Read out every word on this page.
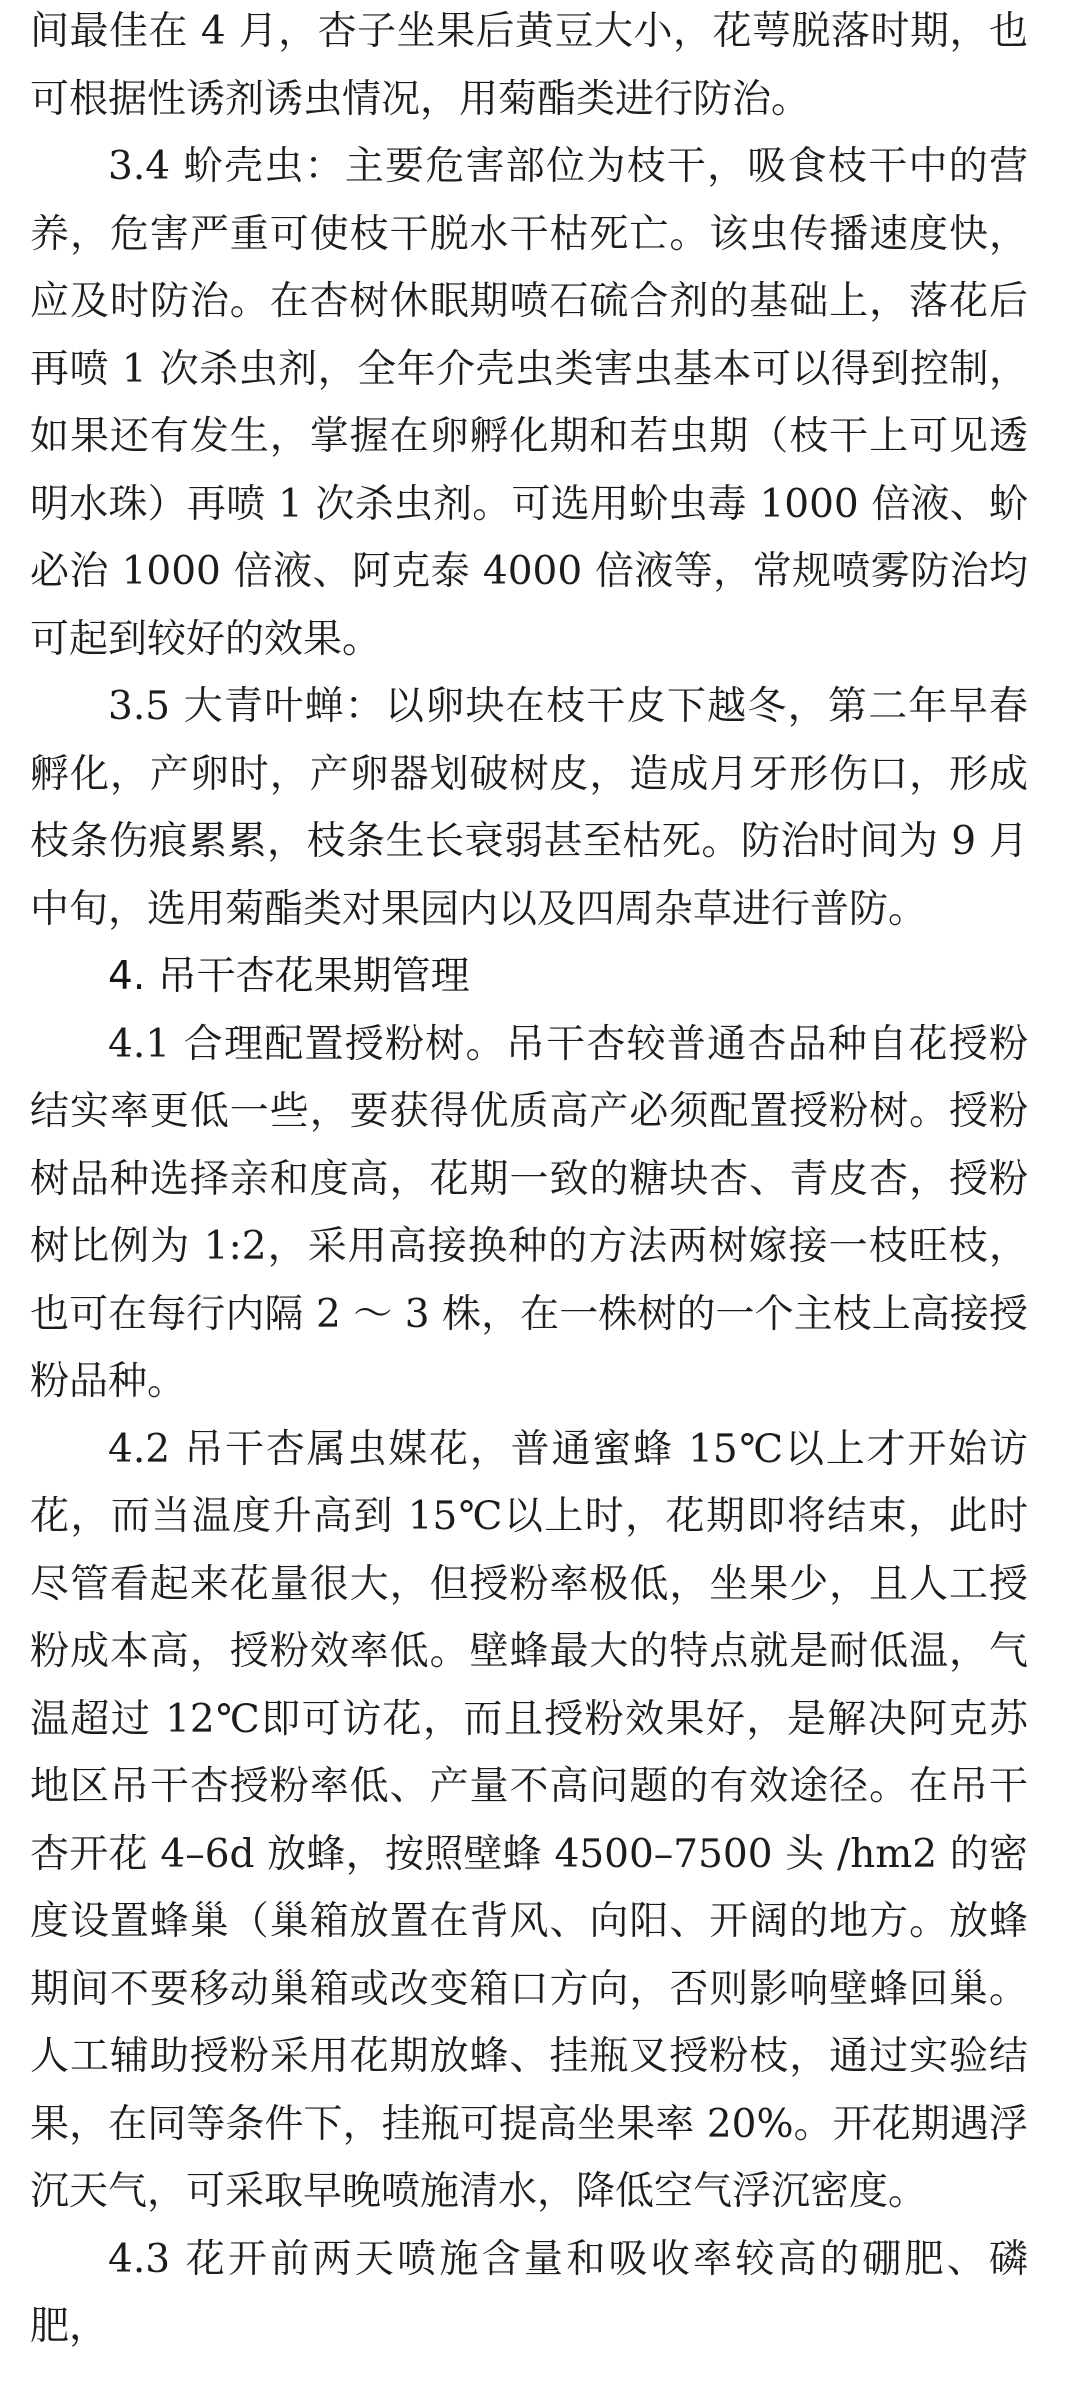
间最佳在 4 月，杏子坐果后黄豆大小，花萼脱落时期，也可根据性诱剂诱虫情况，用菊酯类进行防治。

3.4 蚧壳虫：主要危害部位为枝干，吸食枝干中的营养，危害严重可使枝干脱水干枯死亡。该虫传播速度快，应及时防治。在杏树休眠期喷石硫合剂的基础上，落花后再喷 1 次杀虫剂，全年介壳虫类害虫基本可以得到控制，如果还有发生，掌握在卵孵化期和若虫期（枝干上可见透明水珠）再喷 1 次杀虫剂。可选用蚧虫毒 1000 倍液、蚧必治 1000 倍液、阿克泰 4000 倍液等，常规喷雾防治均可起到较好的效果。

3.5 大青叶蝉：以卵块在枝干皮下越冬，第二年早春孵化，产卵时，产卵器划破树皮，造成月牙形伤口，形成枝条伤痕累累，枝条生长衰弱甚至枯死。防治时间为 9 月中旬，选用菊酯类对果园内以及四周杂草进行普防。

4. 吊干杏花果期管理

4.1 合理配置授粉树。吊干杏较普通杏品种自花授粉结实率更低一些，要获得优质高产必须配置授粉树。授粉树品种选择亲和度高，花期一致的糖块杏、青皮杏，授粉树比例为 1:2，采用高接换种的方法两树嫁接一枝旺枝，也可在每行内隔 2 ～ 3 株，在一株树的一个主枝上高接授粉品种。

4.2 吊干杏属虫媒花，普通蜜蜂 15℃以上才开始访花，而当温度升高到 15℃以上时，花期即将结束，此时尽管看起来花量很大，但授粉率极低，坐果少，且人工授粉成本高，授粉效率低。壁蜂最大的特点就是耐低温，气温超过 12℃即可访花，而且授粉效果好，是解决阿克苏地区吊干杏授粉率低、产量不高问题的有效途径。在吊干杏开花 4–6d 放蜂，按照壁蜂 4500–7500 头 /hm2 的密度设置蜂巢（巢箱放置在背风、向阳、开阔的地方。放蜂期间不要移动巢箱或改变箱口方向，否则影响壁蜂回巢。人工辅助授粉采用花期放蜂、挂瓶叉授粉枝，通过实验结果，在同等条件下，挂瓶可提高坐果率 20%。开花期遇浮沉天气，可采取早晚喷施清水，降低空气浮沉密度。

4.3 花开前两天喷施含量和吸收率较高的硼肥、磷肥，
